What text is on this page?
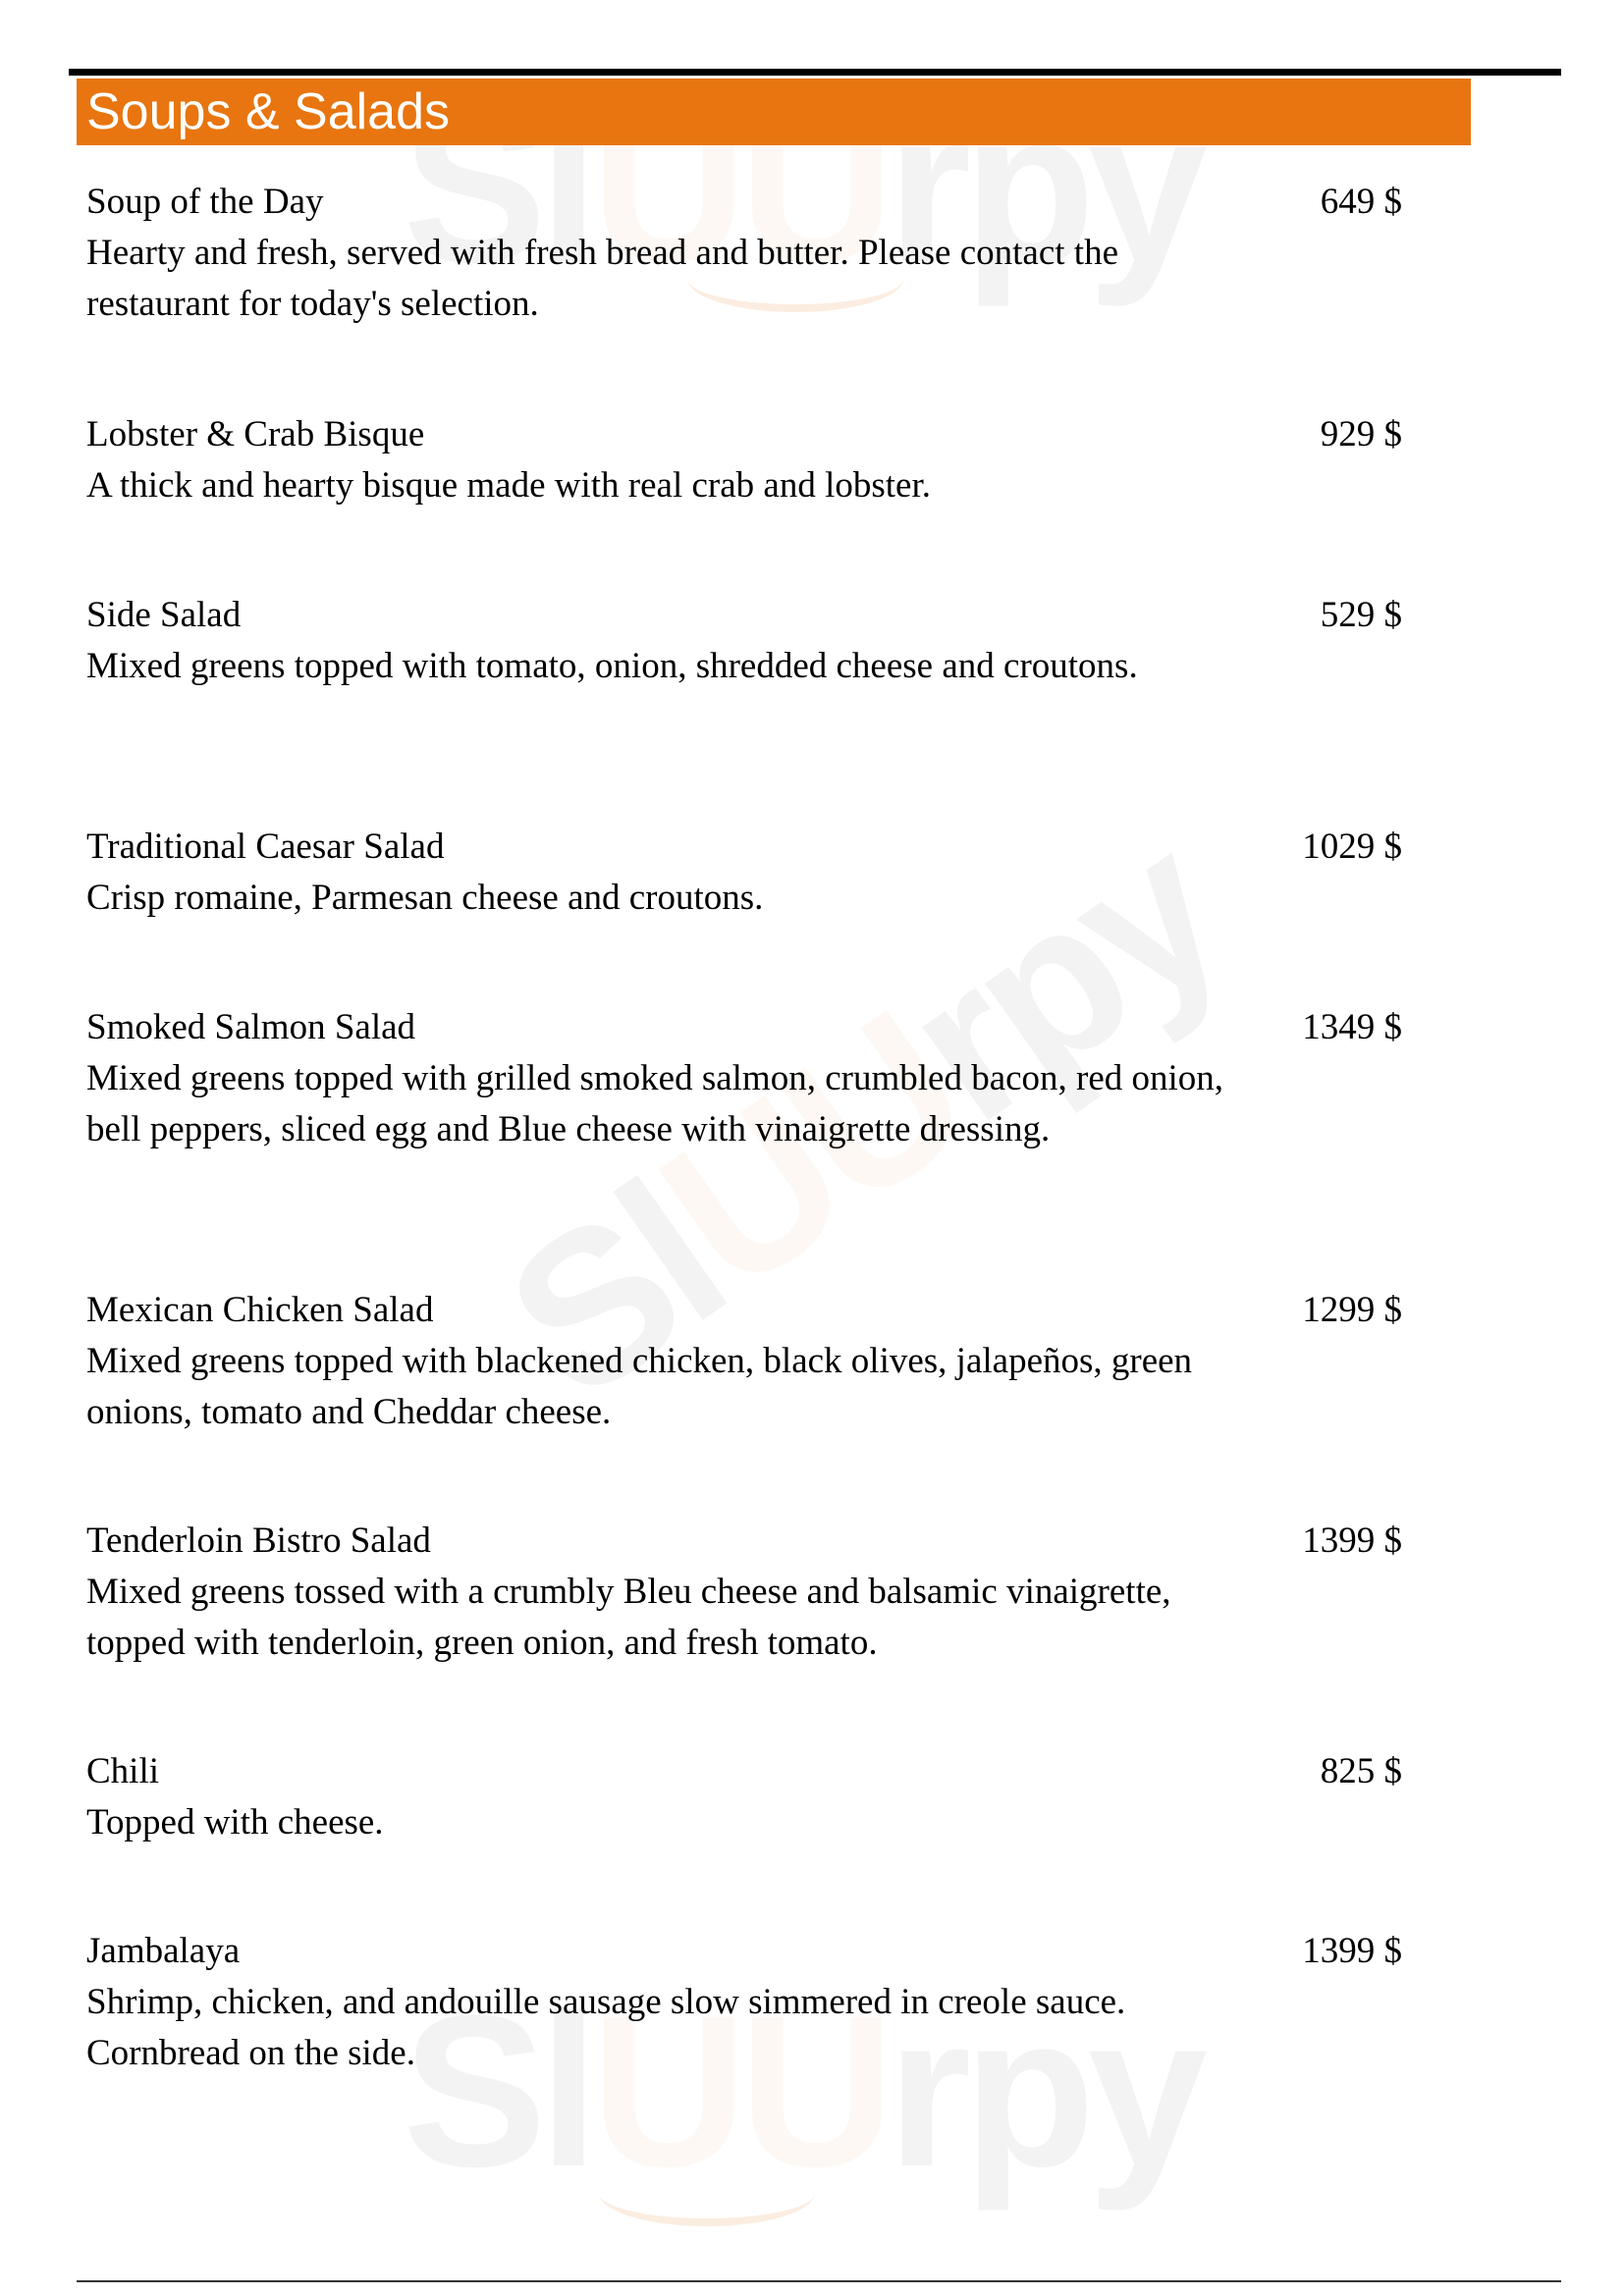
Soups & Salads
Soup of the Day	649 $
Hearty and fresh, served with fresh bread and butter. Please contact the restaurant for today's selection.
Lobster & Crab Bisque	929 $
A thick and hearty bisque made with real crab and lobster.
Side Salad	529 $
Mixed greens topped with tomato, onion, shredded cheese and croutons.
Traditional Caesar Salad	1029 $
Crisp romaine, Parmesan cheese and croutons.
Smoked Salmon Salad	1349 $
Mixed greens topped with grilled smoked salmon, crumbled bacon, red onion, bell peppers, sliced egg and Blue cheese with vinaigrette dressing.
Mexican Chicken Salad	1299 $
Mixed greens topped with blackened chicken, black olives, jalapeños, green onions, tomato and Cheddar cheese.
Tenderloin Bistro Salad	1399 $
Mixed greens tossed with a crumbly Bleu cheese and balsamic vinaigrette, topped with tenderloin, green onion, and fresh tomato.
Chili	825 $
Topped with cheese.
Jambalaya	1399 $
Shrimp, chicken, and andouille sausage slow simmered in creole sauce. Cornbread on the side.
